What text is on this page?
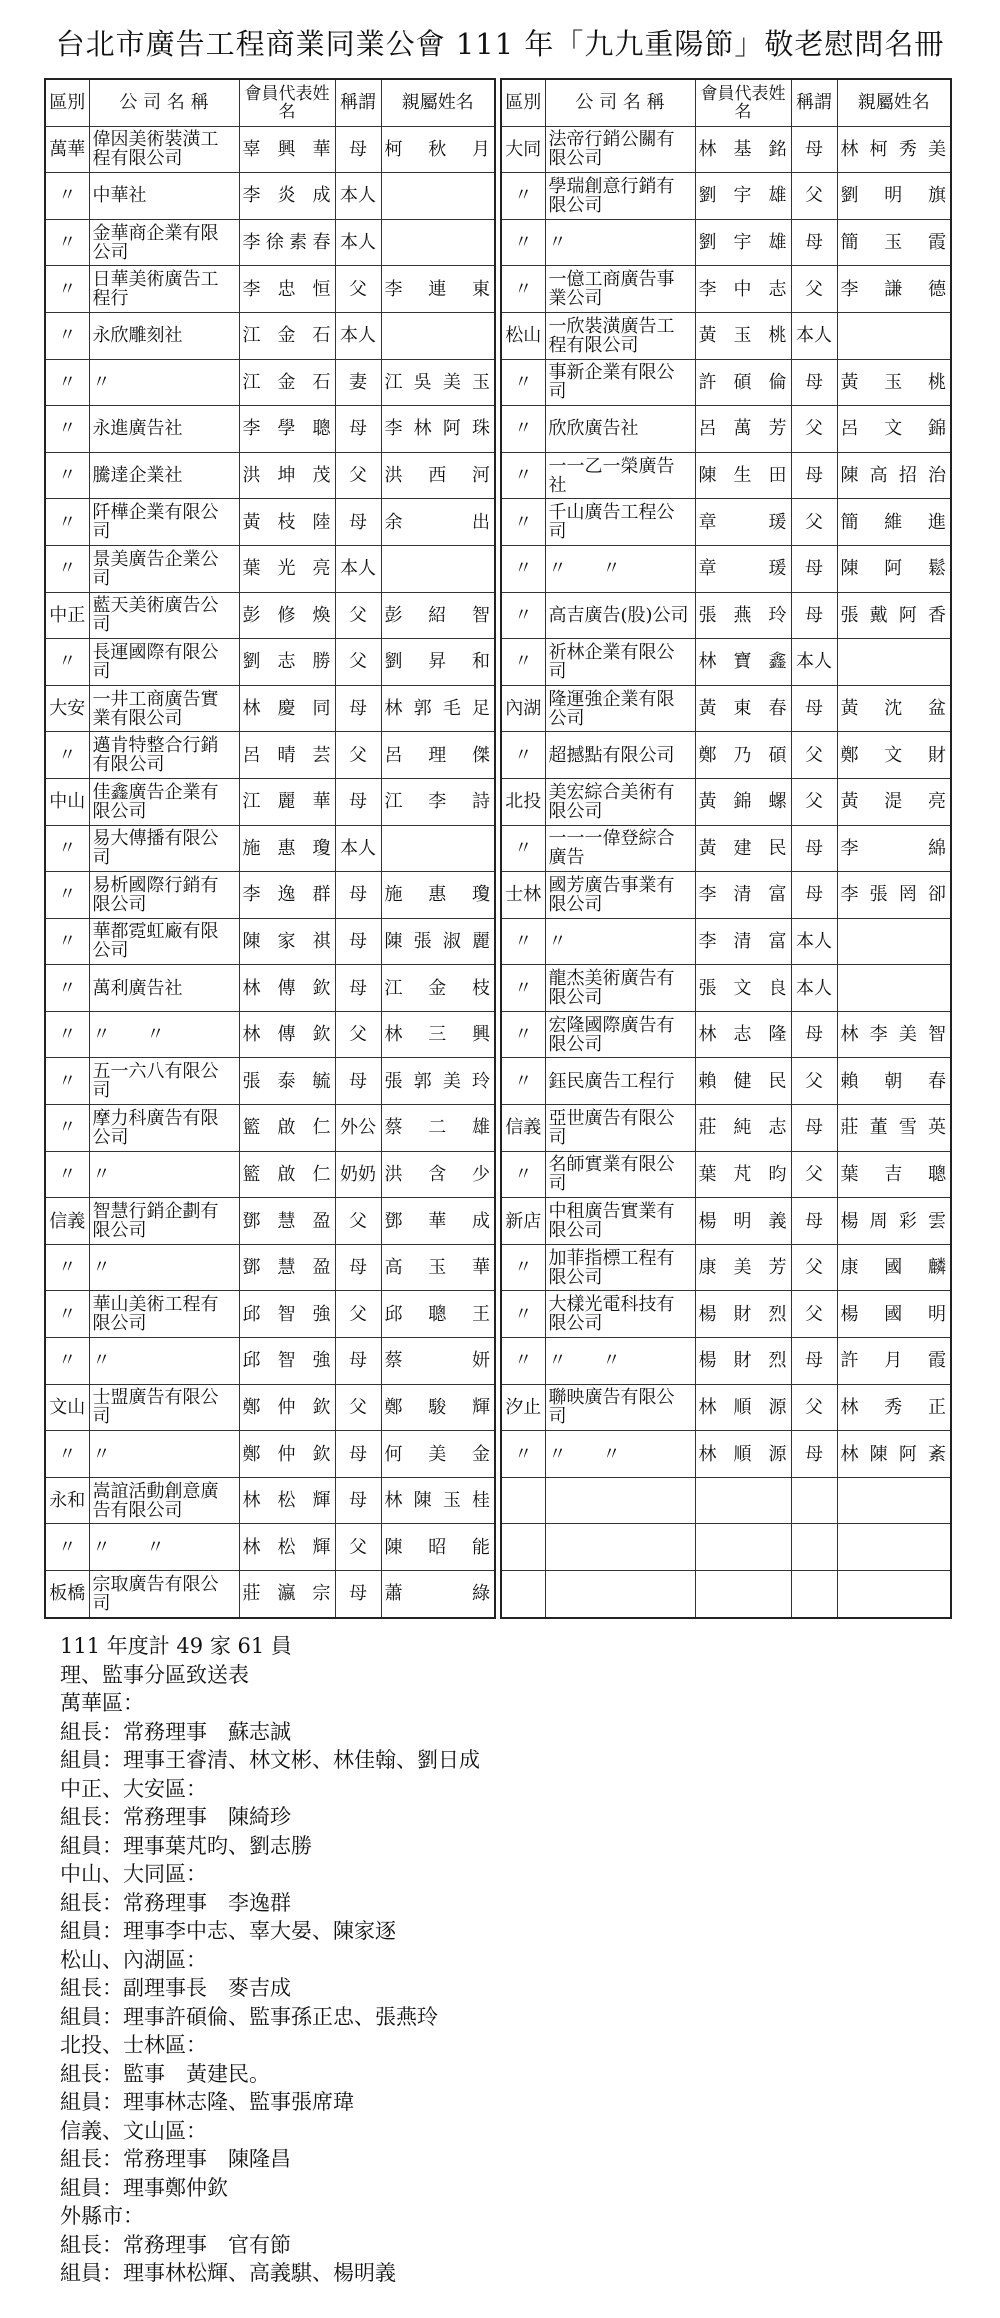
台北市廣告工程商業同業公會 111 年「九九重陽節」敬老慰問名冊
區別	公 司 名 稱	會員代表姓 名	稱謂	親屬姓名
萬華	偉因美術裝潢工程有限公司	辜興華	母	柯秋月
〃	中華社	李炎成	本人	
〃	金華商企業有限公司	李徐素春	本人	
〃	日華美術廣告工程行	李忠恒	父	李連東
〃	永欣雕刻社	江金石	本人	
〃	〃	江金石	妻	江吳美玉
〃	永進廣告社	李學聰	母	李林阿珠
〃	騰達企業社	洪坤茂	父	洪西河
〃	阡樺企業有限公司	黃枝陸	母	余出
〃	景美廣告企業公司	葉光亮	本人	
中正	藍天美術廣告公司	彭修煥	父	彭紹智
〃	長運國際有限公司	劉志勝	父	劉昇和
大安	一井工商廣告實業有限公司	林慶同	母	林郭毛足
〃	邁肯特整合行銷有限公司	呂晴芸	父	呂理傑
中山	佳鑫廣告企業有限公司	江麗華	母	江李詩
〃	易大傳播有限公司	施惠瓊	本人	
〃	易析國際行銷有限公司	李逸群	母	施惠瓊
〃	華都霓虹廠有限公司	陳家祺	母	陳張淑麗
〃	萬利廣告社	林傳欽	母	江金枝
〃	〃　　〃	林傳欽	父	林三興
〃	五一六八有限公司	張泰毓	母	張郭美玲
〃	摩力科廣告有限公司	籃啟仁	外公	蔡二雄
〃	〃	籃啟仁	奶奶	洪含少
信義	智慧行銷企劃有限公司	鄧慧盈	父	鄧華成
〃	〃	鄧慧盈	母	高玉華
〃	華山美術工程有限公司	邱智強	父	邱聰王
〃	〃	邱智強	母	蔡妍
文山	士盟廣告有限公司	鄭仲欽	父	鄭駿輝
〃	〃	鄭仲欽	母	何美金
永和	嵩誼活動創意廣告有限公司	林松輝	母	林陳玉桂
〃	〃　　〃	林松輝	父	陳昭能
板橋	宗取廣告有限公司	莊瀛宗	母	蕭綠
區別	公 司 名 稱	會員代表姓 名	稱謂	親屬姓名
大同	法帝行銷公關有限公司	林基銘	母	林柯秀美
〃	學瑞創意行銷有限公司	劉宇雄	父	劉明旗
〃	〃	劉宇雄	母	簡玉霞
〃	一億工商廣告事業公司	李中志	父	李謙德
松山	一欣裝潢廣告工程有限公司	黃玉桃	本人	
〃	事新企業有限公司	許碩倫	母	黃玉桃
〃	欣欣廣告社	呂萬芳	父	呂文錦
〃	一一乙一榮廣告社	陳生田	母	陳高招治
〃	千山廣告工程公司	章瑗	父	簡維進
〃	〃　　〃	章瑗	母	陳阿鬆
〃	高吉廣告(股)公司	張燕玲	母	張戴阿香
〃	祈林企業有限公司	林寶鑫	本人	
內湖	隆運強企業有限公司	黃東春	母	黃沈盆
〃	超撼點有限公司	鄭乃碩	父	鄭文財
北投	美宏綜合美術有限公司	黃錦螺	父	黃湜亮
〃	一一一偉登綜合廣告	黃建民	母	李綿
士林	國芳廣告事業有限公司	李清富	母	李張罔卻
〃	〃	李清富	本人	
〃	龍杰美術廣告有限公司	張文良	本人	
〃	宏隆國際廣告有限公司	林志隆	母	林李美智
〃	鈺民廣告工程行	賴健民	父	賴朝春
信義	亞世廣告有限公司	莊純志	母	莊董雪英
〃	名師實業有限公司	葉芃昀	父	葉吉聰
新店	中租廣告實業有限公司	楊明義	母	楊周彩雲
〃	加菲指標工程有限公司	康美芳	父	康國麟
〃	大樣光電科技有限公司	楊財烈	父	楊國明
〃	〃　　〃	楊財烈	母	許月霞
汐止	聯映廣告有限公司	林順源	父	林秀正
〃	〃　　〃	林順源	母	林陳阿紊

111 年度計 49 家 61 員
理、監事分區致送表
萬華區：
組長：常務理事　蘇志誠
組員：理事王睿清、林文彬、林佳翰、劉日成
中正、大安區：
組長：常務理事　陳綺珍
組員：理事葉芃昀、劉志勝
中山、大同區：
組長：常務理事　李逸群
組員：理事李中志、辜大晏、陳家逐
松山、內湖區：
組長：副理事長　麥吉成
組員：理事許碩倫、監事孫正忠、張燕玲
北投、士林區：
組長：監事　黃建民。
組員：理事林志隆、監事張席瑋
信義、文山區：
組長：常務理事　陳隆昌
組員：理事鄭仲欽
外縣市：
組長：常務理事　官有節
組員：理事林松輝、高義騏、楊明義
